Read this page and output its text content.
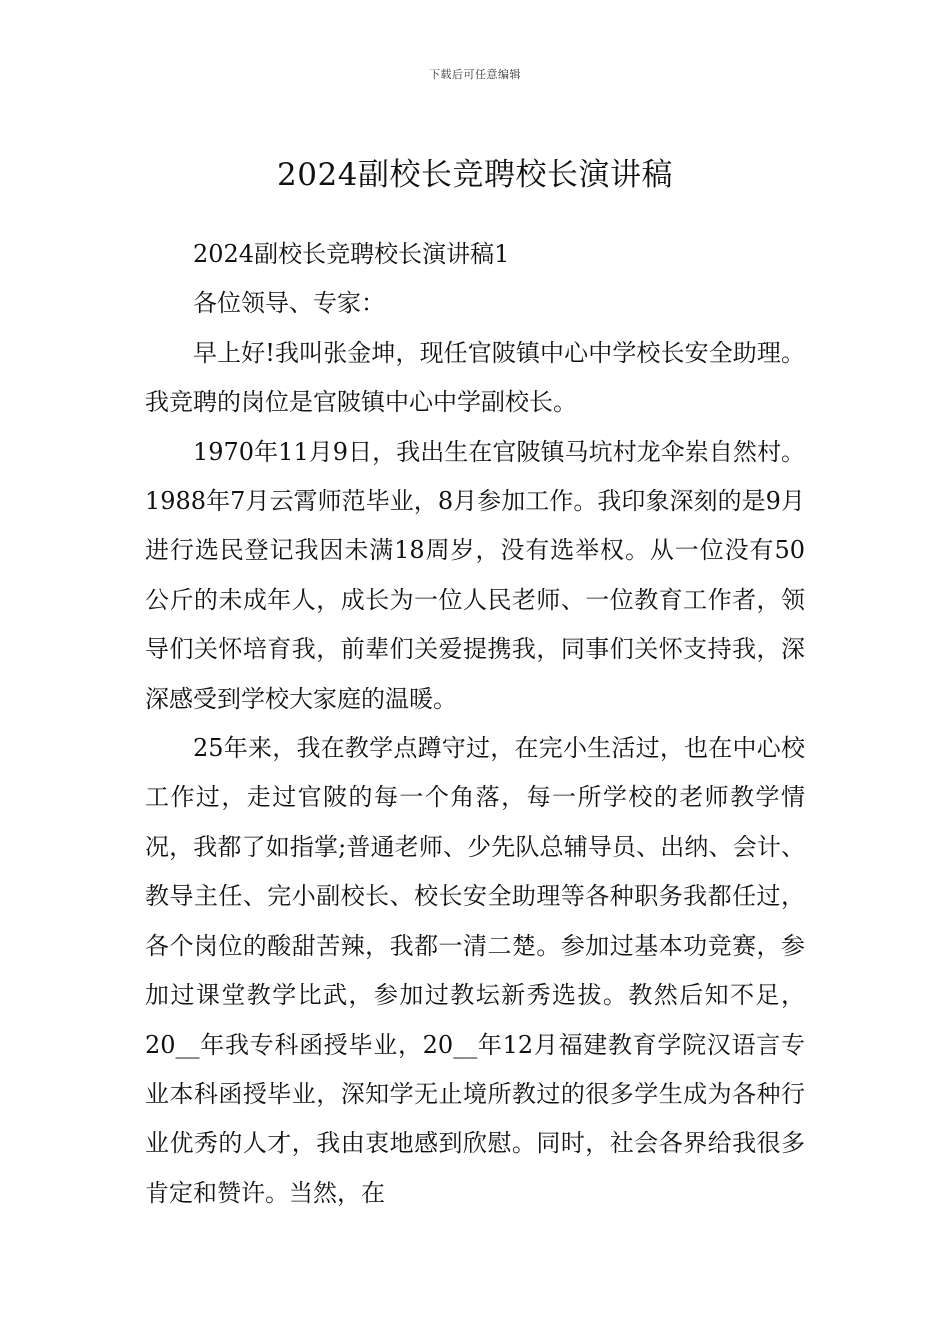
下载后可任意编辑
2024副校长竞聘校长演讲稿

2024副校长竞聘校长演讲稿1

各位领导、专家：

早上好!我叫张金坤，现任官陂镇中心中学校长安全助理。我竞聘的岗位是官陂镇中心中学副校长。

1970年11月9日，我出生在官陂镇马坑村龙伞岽自然村。1988年7月云霄师范毕业，8月参加工作。我印象深刻的是9月进行选民登记我因未满18周岁，没有选举权。从一位没有50公斤的未成年人，成长为一位人民老师、一位教育工作者，领导们关怀培育我，前辈们关爱提携我，同事们关怀支持我，深深感受到学校大家庭的温暖。

25年来，我在教学点蹲守过，在完小生活过，也在中心校工作过，走过官陂的每一个角落，每一所学校的老师教学情况，我都了如指掌;普通老师、少先队总辅导员、出纳、会计、教导主任、完小副校长、校长安全助理等各种职务我都任过，各个岗位的酸甜苦辣，我都一清二楚。参加过基本功竞赛，参加过课堂教学比武，参加过教坛新秀选拔。教然后知不足，20__年我专科函授毕业，20__年12月福建教育学院汉语言专业本科函授毕业，深知学无止境所教过的很多学生成为各种行业优秀的人才，我由衷地感到欣慰。同时，社会各界给我很多肯定和赞许。当然，在
